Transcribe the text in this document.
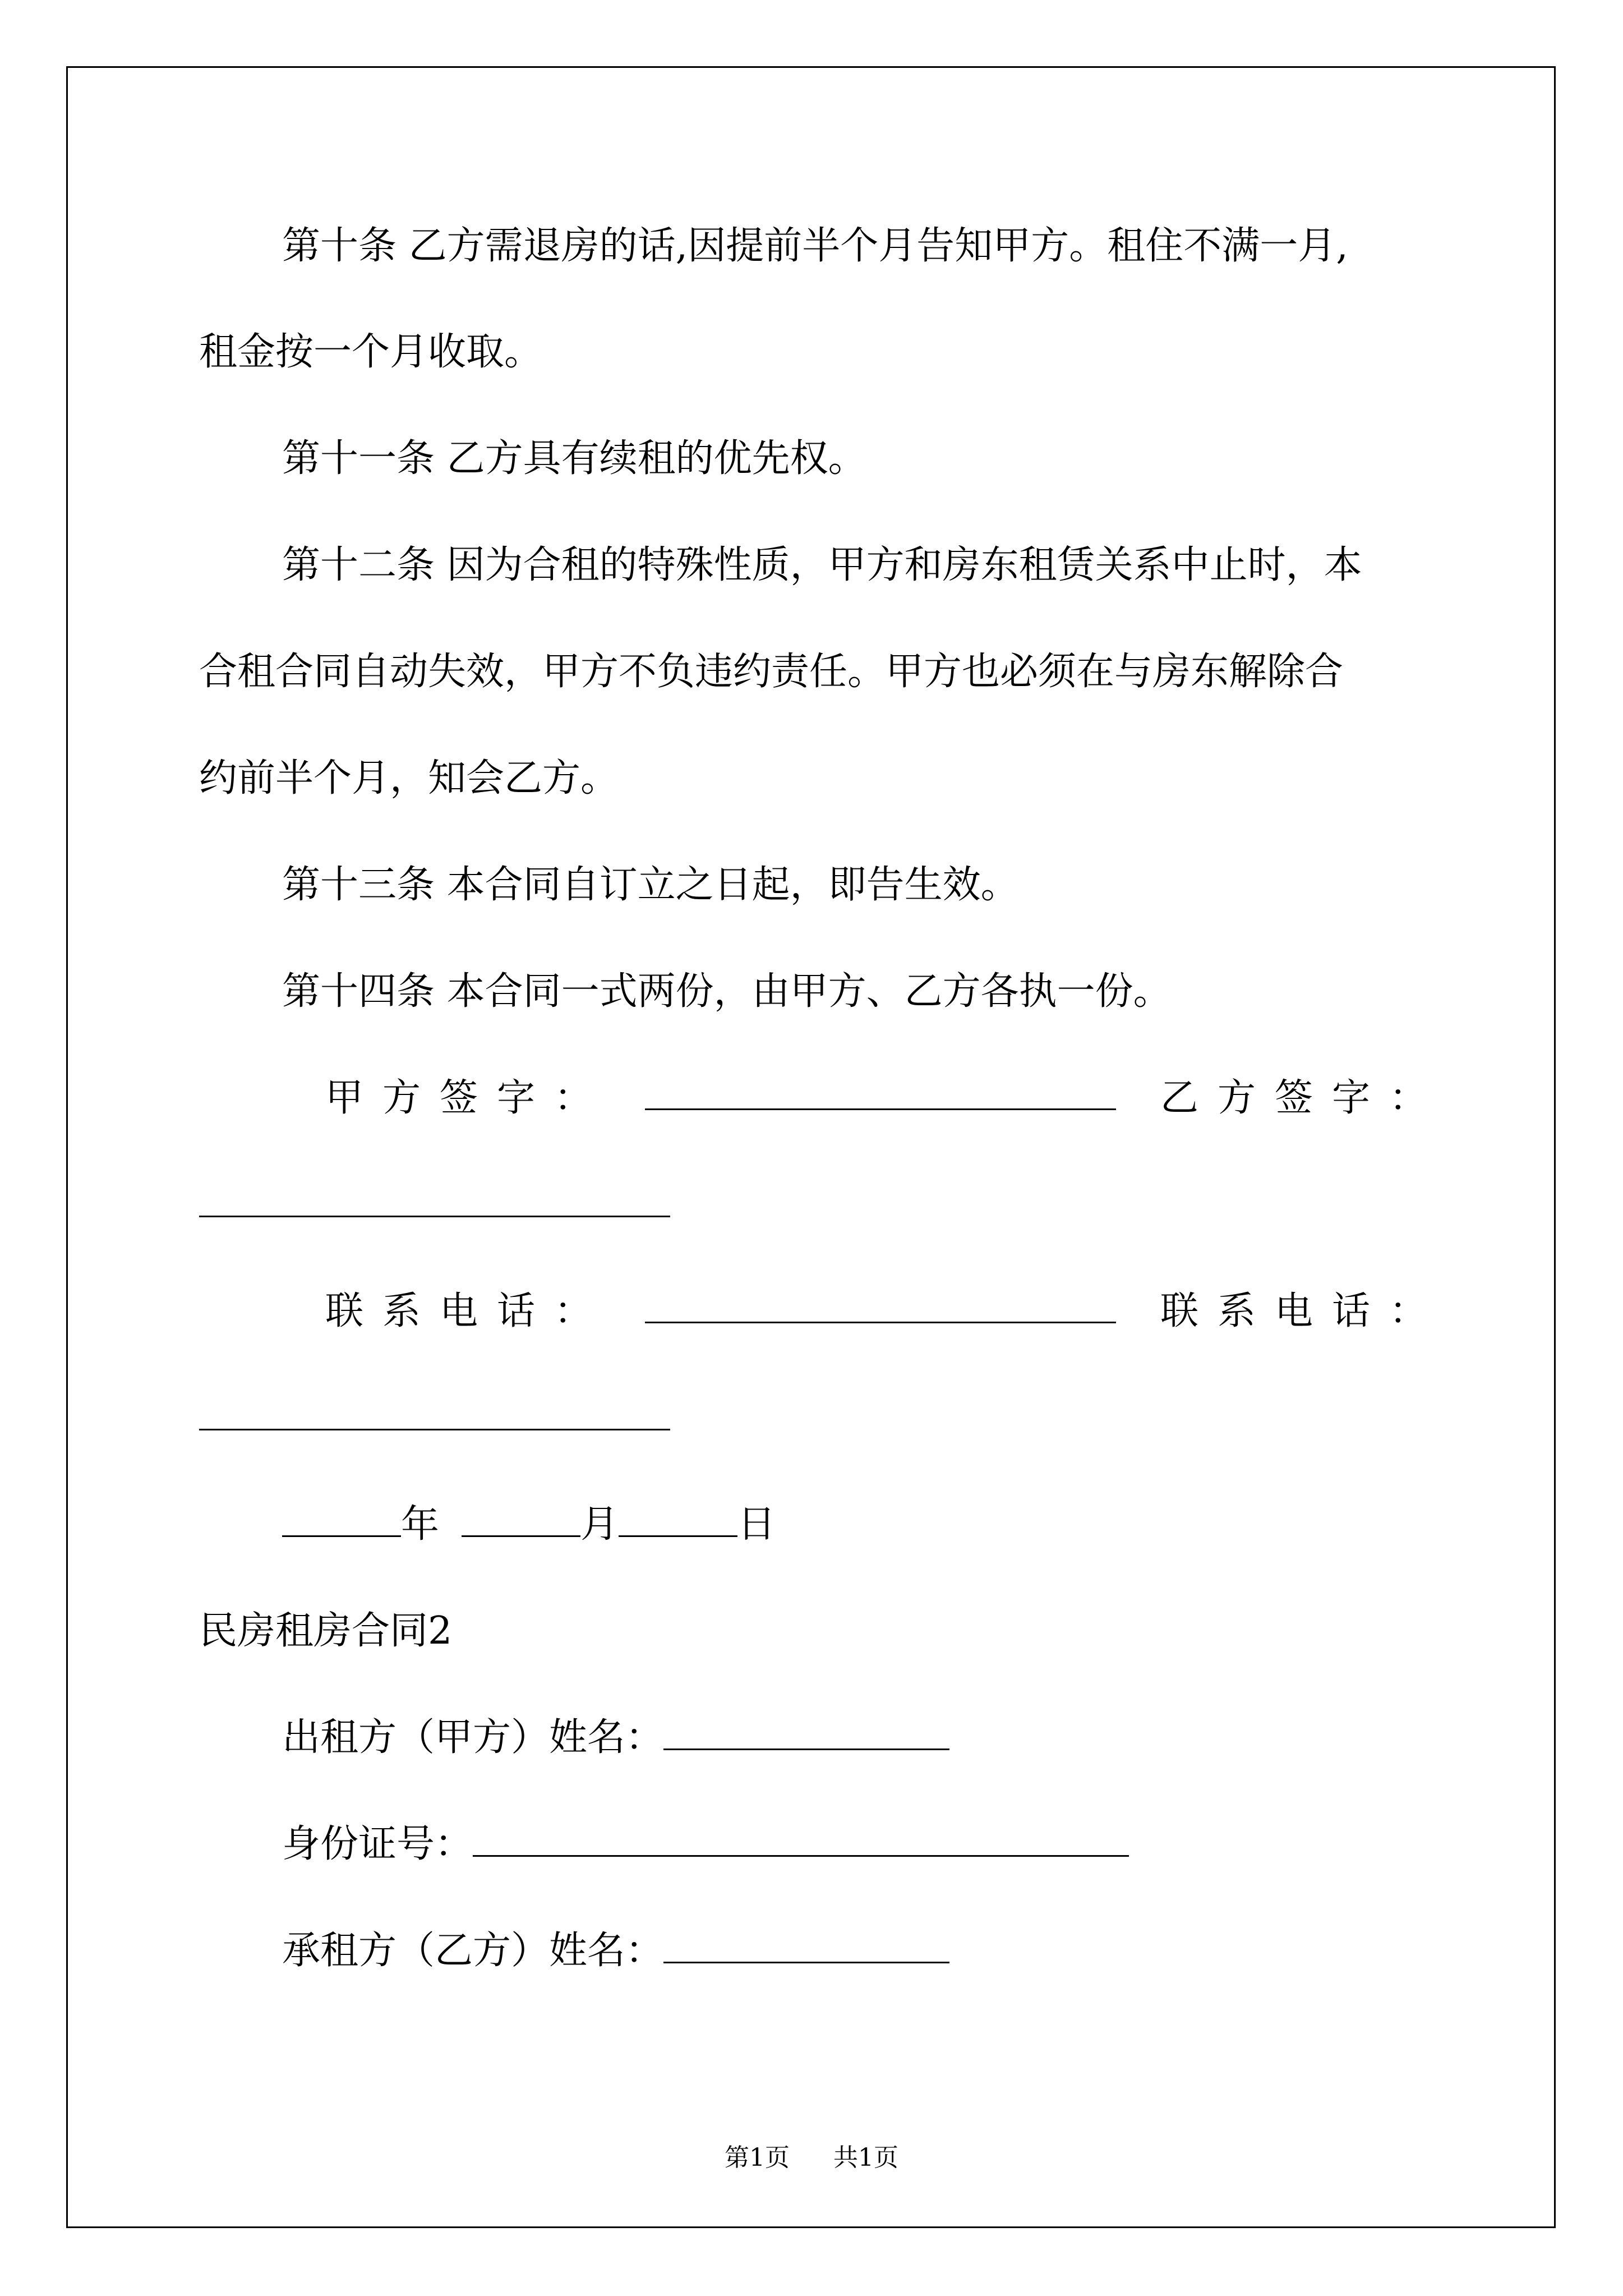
第十条 乙方需退房的话,因提前半个月告知甲方。租住不满一月,
租金按一个月收取。
第十一条 乙方具有续租的优先权。
第十二条 因为合租的特殊性质，甲方和房东租赁关系中止时，本
合租合同自动失效，甲方不负违约责任。甲方也必须在与房东解除合
约前半个月，知会乙方。
第十三条 本合同自订立之日起，即告生效。
第十四条 本合同一式两份，由甲方、乙方各执一份。
甲方签字：	乙方签字：
联系电话：	联系电话：
年	月	日
民房租房合同2
出租方（甲方）姓名：
身份证号：
承租方（乙方）姓名：
第1页 共1页
